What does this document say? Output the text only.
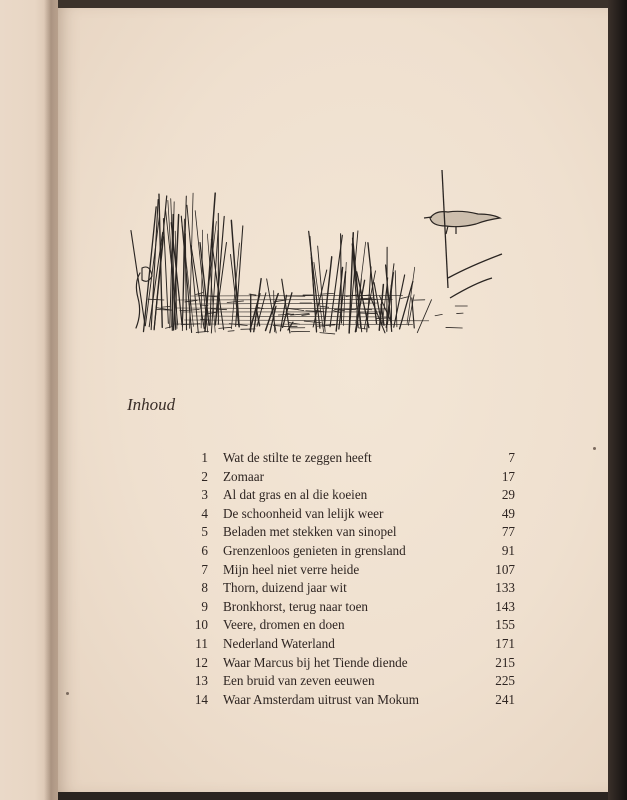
Inhoud
1 Wat de stilte te zeggen heeft	7
2 Zomaar	17
3 Al dat gras en al die koeien	29
4 De schoonheid van lelijk weer	49
5 Beladen met stekken van sinopel	77
6 Grenzenloos genieten in grensland	91
7 Mijn heel niet verre heide	107
8 Thorn, duizend jaar wit	133
9 Bronkhorst, terug naar toen	143
10 Veere, dromen en doen	155
11 Nederland Waterland	171
12 Waar Marcus bij het Tiende diende	215
13 Een bruid van zeven eeuwen	225
14 Waar Amsterdam uitrust van Mokum	241
